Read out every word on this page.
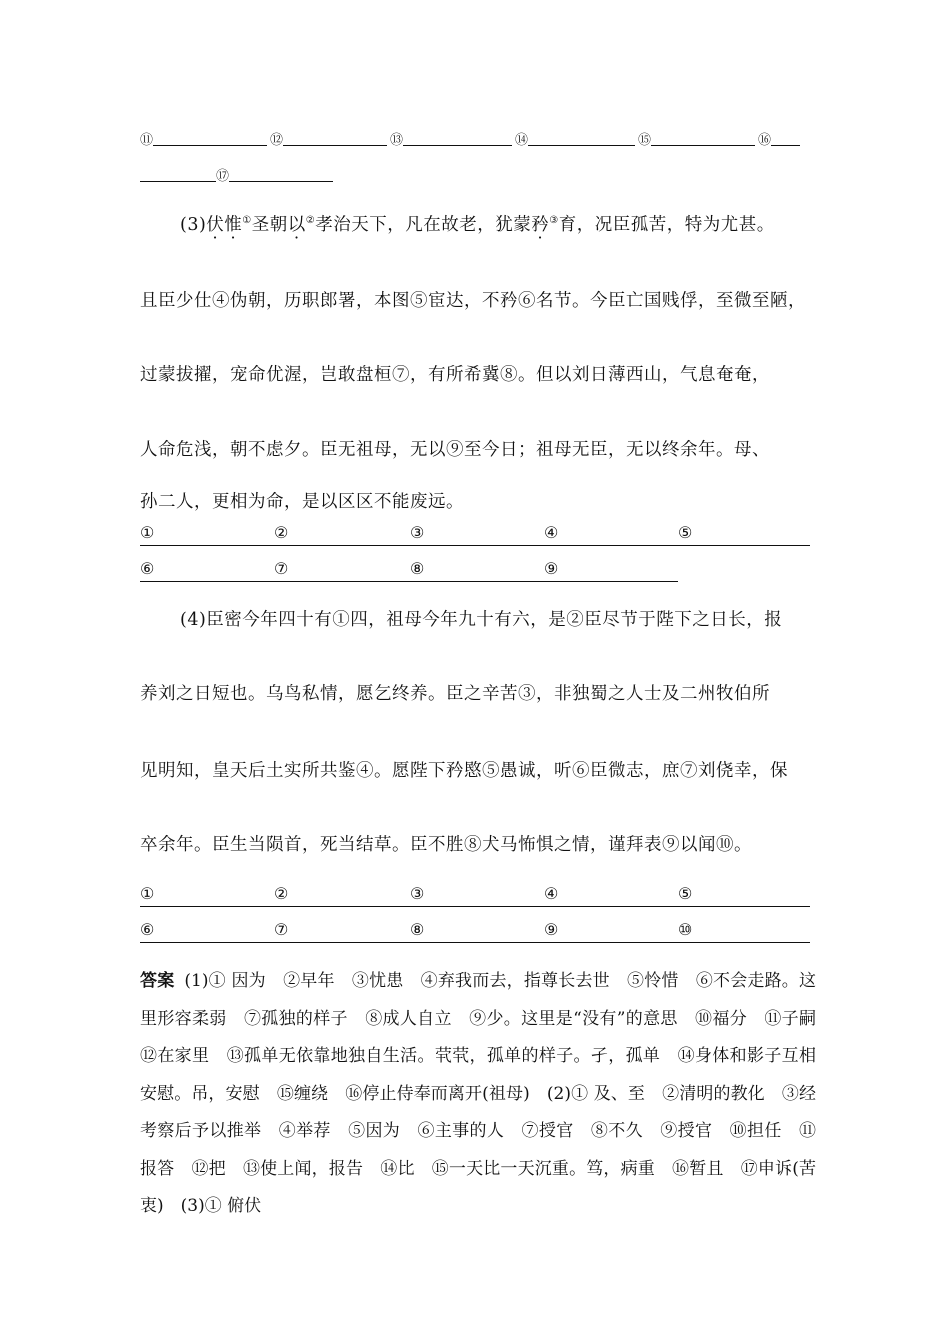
⑪	⑫	⑬	⑭	⑮	⑯
⑰
(3)伏惟①圣朝以②孝治天下，凡在故老，犹蒙矜③育，况臣孤苦，特为尤甚。
且臣少仕④伪朝，历职郎署，本图⑤宦达，不矜⑥名节。今臣亡国贱俘，至微至陋，
过蒙拔擢，宠命优渥，岂敢盘桓⑦，有所希冀⑧。但以刘日薄西山，气息奄奄，
人命危浅，朝不虑夕。臣无祖母，无以⑨至今日；祖母无臣，无以终余年。母、
孙二人，更相为命，是以区区不能废远。
①	②	③	④	⑤
⑥	⑦	⑧	⑨
(4)臣密今年四十有①四，祖母今年九十有六，是②臣尽节于陛下之日长，报
养刘之日短也。乌鸟私情，愿乞终养。臣之辛苦③，非独蜀之人士及二州牧伯所
见明知，皇天后土实所共鉴④。愿陛下矜愍⑤愚诚，听⑥臣微志，庶⑦刘侥幸，保
卒余年。臣生当陨首，死当结草。臣不胜⑧犬马怖惧之情，谨拜表⑨以闻⑩。
①	②	③	④	⑤
⑥	⑦	⑧	⑨	⑩
答案 (1)① 因为　②早年　③忧患　④弃我而去，指尊长去世　⑤怜惜　⑥不会走路。这里形容柔弱　⑦孤独的样子　⑧成人自立　⑨少。这里是“没有”的意思　⑩福分　⑪子嗣　⑫在家里　⑬孤单无依靠地独自生活。茕茕，孤单的样子。孑，孤单　⑭身体和影子互相安慰。吊，安慰　⑮缠绕　⑯停止侍奉而离开(祖母)　(2)① 及、至　②清明的教化　③经考察后予以推举　④举荐　⑤因为　⑥主事的人　⑦授官　⑧不久　⑨授官　⑩担任　⑪报答　⑫把　⑬使上闻，报告　⑭比　⑮一天比一天沉重。笃，病重　⑯暂且　⑰申诉(苦衷)　(3)① 俯伏
